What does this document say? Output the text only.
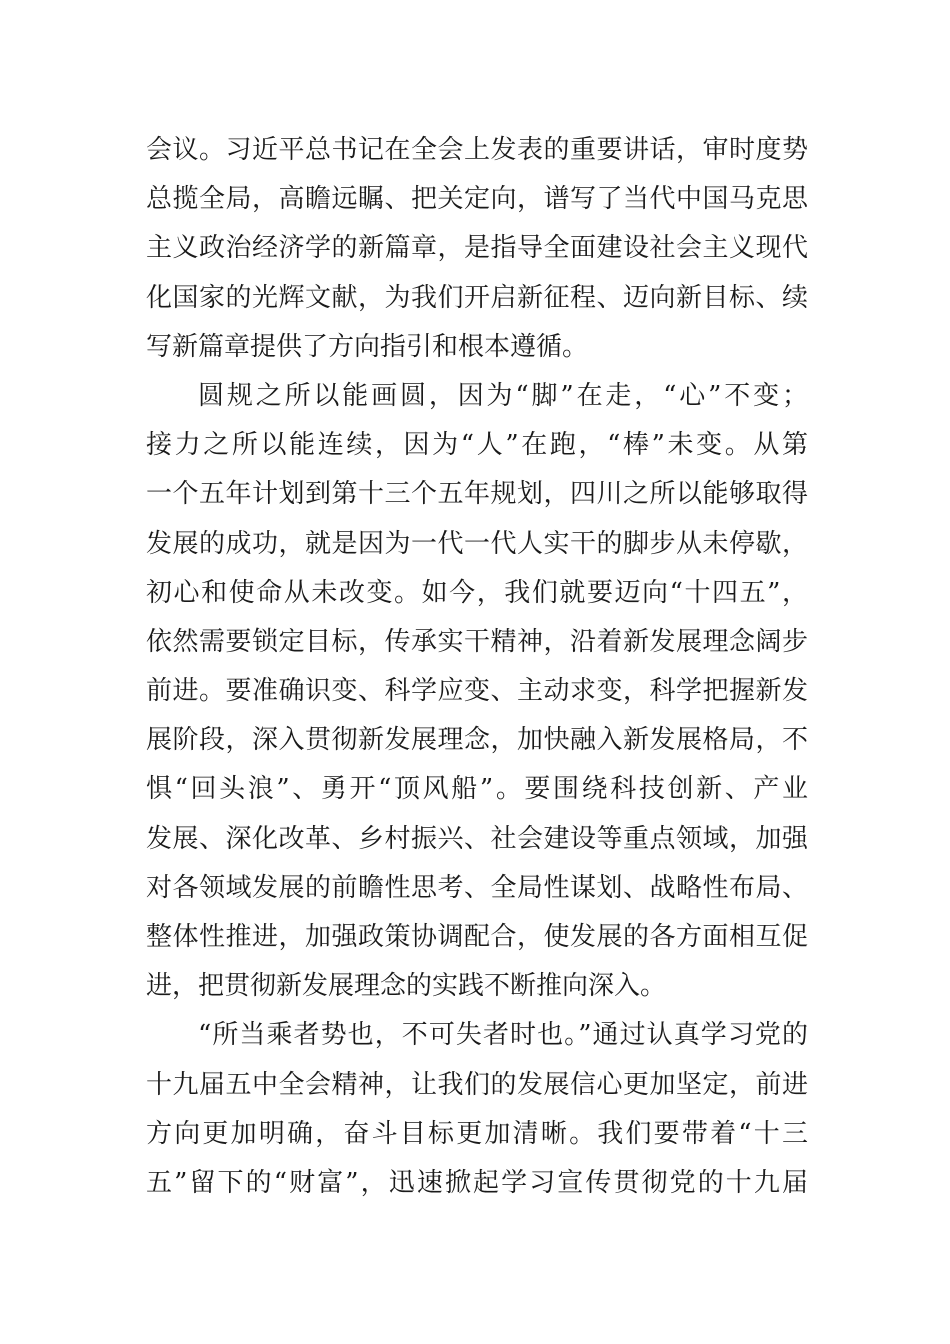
会议。习近平总书记在全会上发表的重要讲话，审时度势
总揽全局，高瞻远瞩、把关定向，谱写了当代中国马克思
主义政治经济学的新篇章，是指导全面建设社会主义现代
化国家的光辉文献，为我们开启新征程、迈向新目标、续
写新篇章提供了方向指引和根本遵循。
圆规之所以能画圆，因为“脚”在走，“心”不变；
接力之所以能连续，因为“人”在跑，“棒”未变。从第
一个五年计划到第十三个五年规划，四川之所以能够取得
发展的成功，就是因为一代一代人实干的脚步从未停歇，
初心和使命从未改变。如今，我们就要迈向“十四五”，
依然需要锁定目标，传承实干精神，沿着新发展理念阔步
前进。要准确识变、科学应变、主动求变，科学把握新发
展阶段，深入贯彻新发展理念，加快融入新发展格局，不
惧“回头浪”、勇开“顶风船”。要围绕科技创新、产业
发展、深化改革、乡村振兴、社会建设等重点领域，加强
对各领域发展的前瞻性思考、全局性谋划、战略性布局、
整体性推进，加强政策协调配合，使发展的各方面相互促
进，把贯彻新发展理念的实践不断推向深入。
“所当乘者势也，不可失者时也。”通过认真学习党的
十九届五中全会精神，让我们的发展信心更加坚定，前进
方向更加明确，奋斗目标更加清晰。我们要带着“十三
五”留下的“财富”，迅速掀起学习宣传贯彻党的十九届
